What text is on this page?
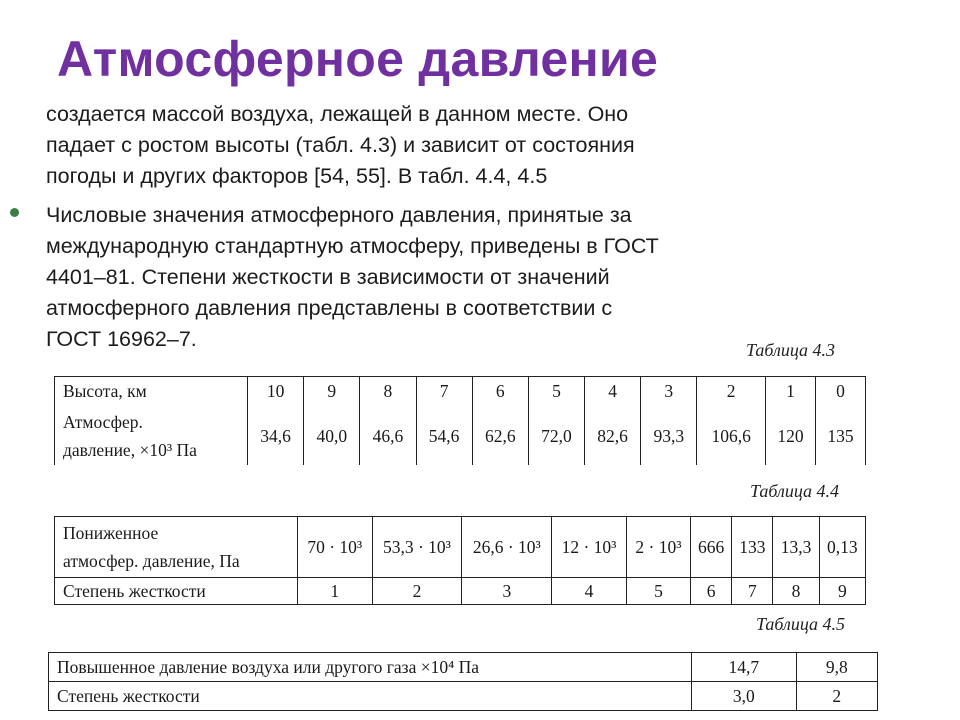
Атмосферное давление
создается массой воздуха, лежащей в данном месте. Оно
падает с ростом высоты (табл. 4.3) и зависит от состояния
погоды и других факторов [54, 55]. В табл. 4.4, 4.5
Числовые значения атмосферного давления, принятые за
международную стандартную атмосферу, приведены в ГОСТ
4401–81. Степени жесткости в зависимости от значений
атмосферного давления представлены в соответствии с
ГОСТ 16962–7.	Таблица 4.3
Высота, км	10	9	8	7	6	5	4	3	2	1	0

Атмосфер.
давление, ×10³ Па	34,6	40,0	46,6	54,6	62,6	72,0	82,6	93,3	106,6	120	135
Таблица 4.4
Пониженное
атмосфер. давление, Па	70 · 10³	53,3 · 10³	26,6 · 10³	12 · 10³	2 · 10³	666	133	13,3	0,13
Степень жесткости	1	2	3	4	5	6	7	8	9
Таблица 4.5
Повышенное давление воздуха или другого газа ×10⁴ Па	14,7	9,8
Степень жесткости	3,0	2
